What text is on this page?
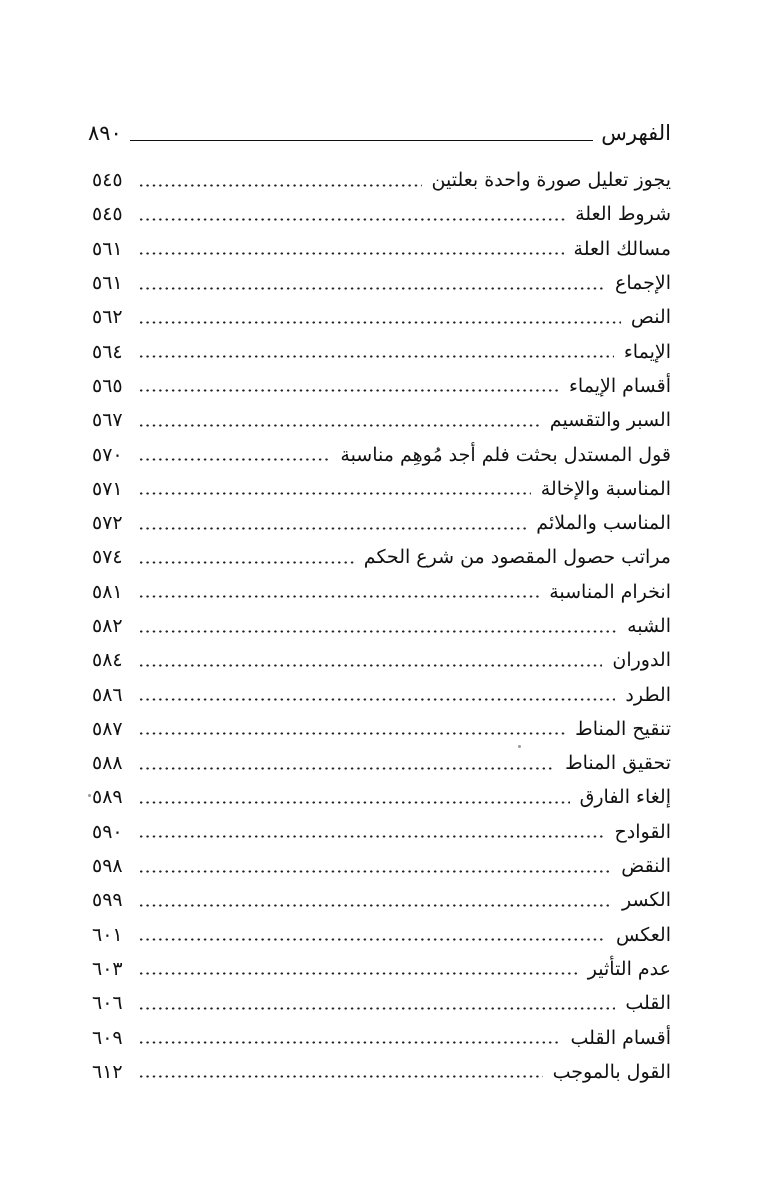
الفهرس
٨٩٠
يجوز تعليل صورة واحدة بعلتين
٥٤٥
شروط العلة
٥٤٥
مسالك العلة
٥٦١
الإجماع
٥٦١
النص
٥٦٢
الإيماء
٥٦٤
أقسام الإيماء
٥٦٥
السبر والتقسيم
٥٦٧
قول المستدل بحثت فلم أجد مُوهِم مناسبة
٥٧٠
المناسبة والإخالة
٥٧١
المناسب والملائم
٥٧٢
مراتب حصول المقصود من شرع الحكم
٥٧٤
انخرام المناسبة
٥٨١
الشبه
٥٨٢
الدوران
٥٨٤
الطرد
٥٨٦
تنقيح المناط
٥٨٧
تحقيق المناط
٥٨٨
إلغاء الفارق
٥٨٩
القوادح
٥٩٠
النقض
٥٩٨
الكسر
٥٩٩
العكس
٦٠١
عدم التأثير
٦٠٣
القلب
٦٠٦
أقسام القلب
٦٠٩
القول بالموجب
٦١٢
